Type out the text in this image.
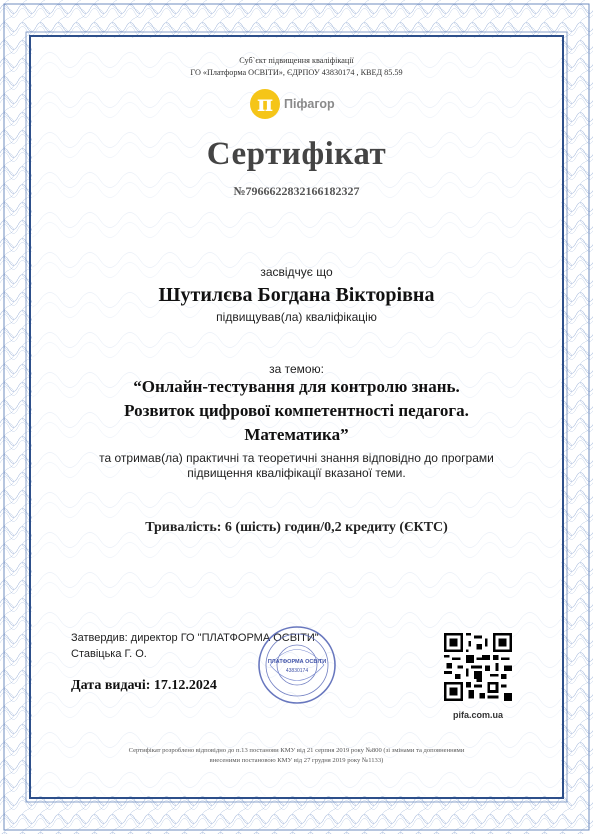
Суб`єкт підвищення кваліфікації
ГО «Платформа ОСВІТИ», ЄДРПОУ 43830174 , КВЕД 85.59
π Піфагор
Сертифікат
№7966622832166182327
засвідчує що
Шутилєва Богдана Вікторівна
підвищував(ла) кваліфікацію
за темою:
“Онлайн-тестування для контролю знань.
Розвиток цифрової компетентності педагога.
Математика”
та отримав(ла) практичні та теоретичні знання відповідно до програми
підвищення кваліфікації вказаної теми.
Тривалість: 6 (шість) годин/0,2 кредиту (ЄКТС)
Затвердив: директор ГО "ПЛАТФОРМА ОСВІТИ"
Ставіцька Г. О.
Дата видачі: 17.12.2024
ПЛАТФОРМА ОСВІТИ
43830174
pifa.com.ua
Сертифікат розроблено відповідно до п.13 постанови КМУ від 21 серпня 2019 року №800 (зі змінами та доповненнями
внесеними постановою КМУ від 27 грудня 2019 року №1133)
